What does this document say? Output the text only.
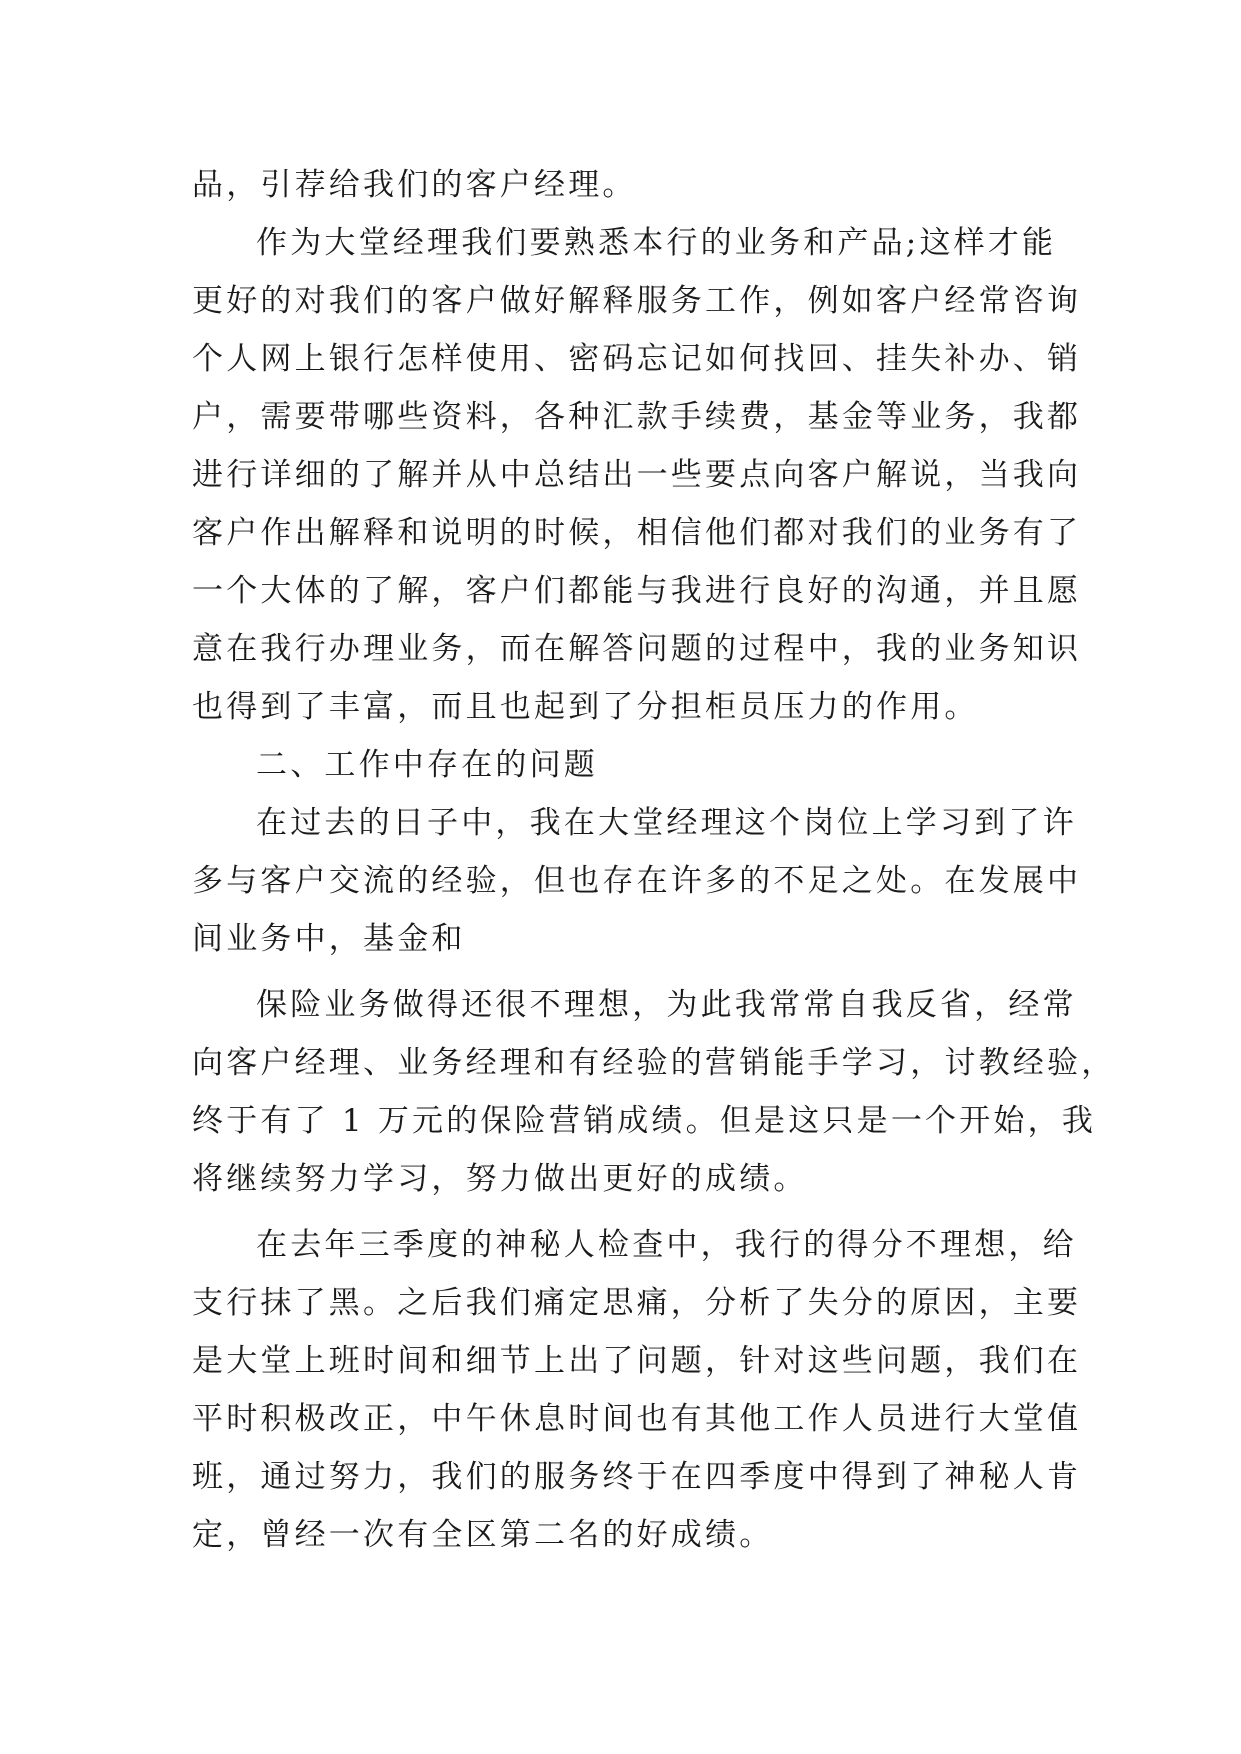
品，引荐给我们的客户经理。
作为大堂经理我们要熟悉本行的业务和产品;这样才能
更好的对我们的客户做好解释服务工作，例如客户经常咨询
个人网上银行怎样使用、密码忘记如何找回、挂失补办、销
户，需要带哪些资料，各种汇款手续费，基金等业务，我都
进行详细的了解并从中总结出一些要点向客户解说，当我向
客户作出解释和说明的时候，相信他们都对我们的业务有了
一个大体的了解，客户们都能与我进行良好的沟通，并且愿
意在我行办理业务，而在解答问题的过程中，我的业务知识
也得到了丰富，而且也起到了分担柜员压力的作用。
二、工作中存在的问题
在过去的日子中，我在大堂经理这个岗位上学习到了许
多与客户交流的经验，但也存在许多的不足之处。在发展中
间业务中，基金和
保险业务做得还很不理想，为此我常常自我反省，经常
向客户经理、业务经理和有经验的营销能手学习，讨教经验，
终于有了 1 万元的保险营销成绩。但是这只是一个开始，我
将继续努力学习，努力做出更好的成绩。
在去年三季度的神秘人检查中，我行的得分不理想，给
支行抹了黑。之后我们痛定思痛，分析了失分的原因，主要
是大堂上班时间和细节上出了问题，针对这些问题，我们在
平时积极改正，中午休息时间也有其他工作人员进行大堂值
班，通过努力，我们的服务终于在四季度中得到了神秘人肯
定，曾经一次有全区第二名的好成绩。
